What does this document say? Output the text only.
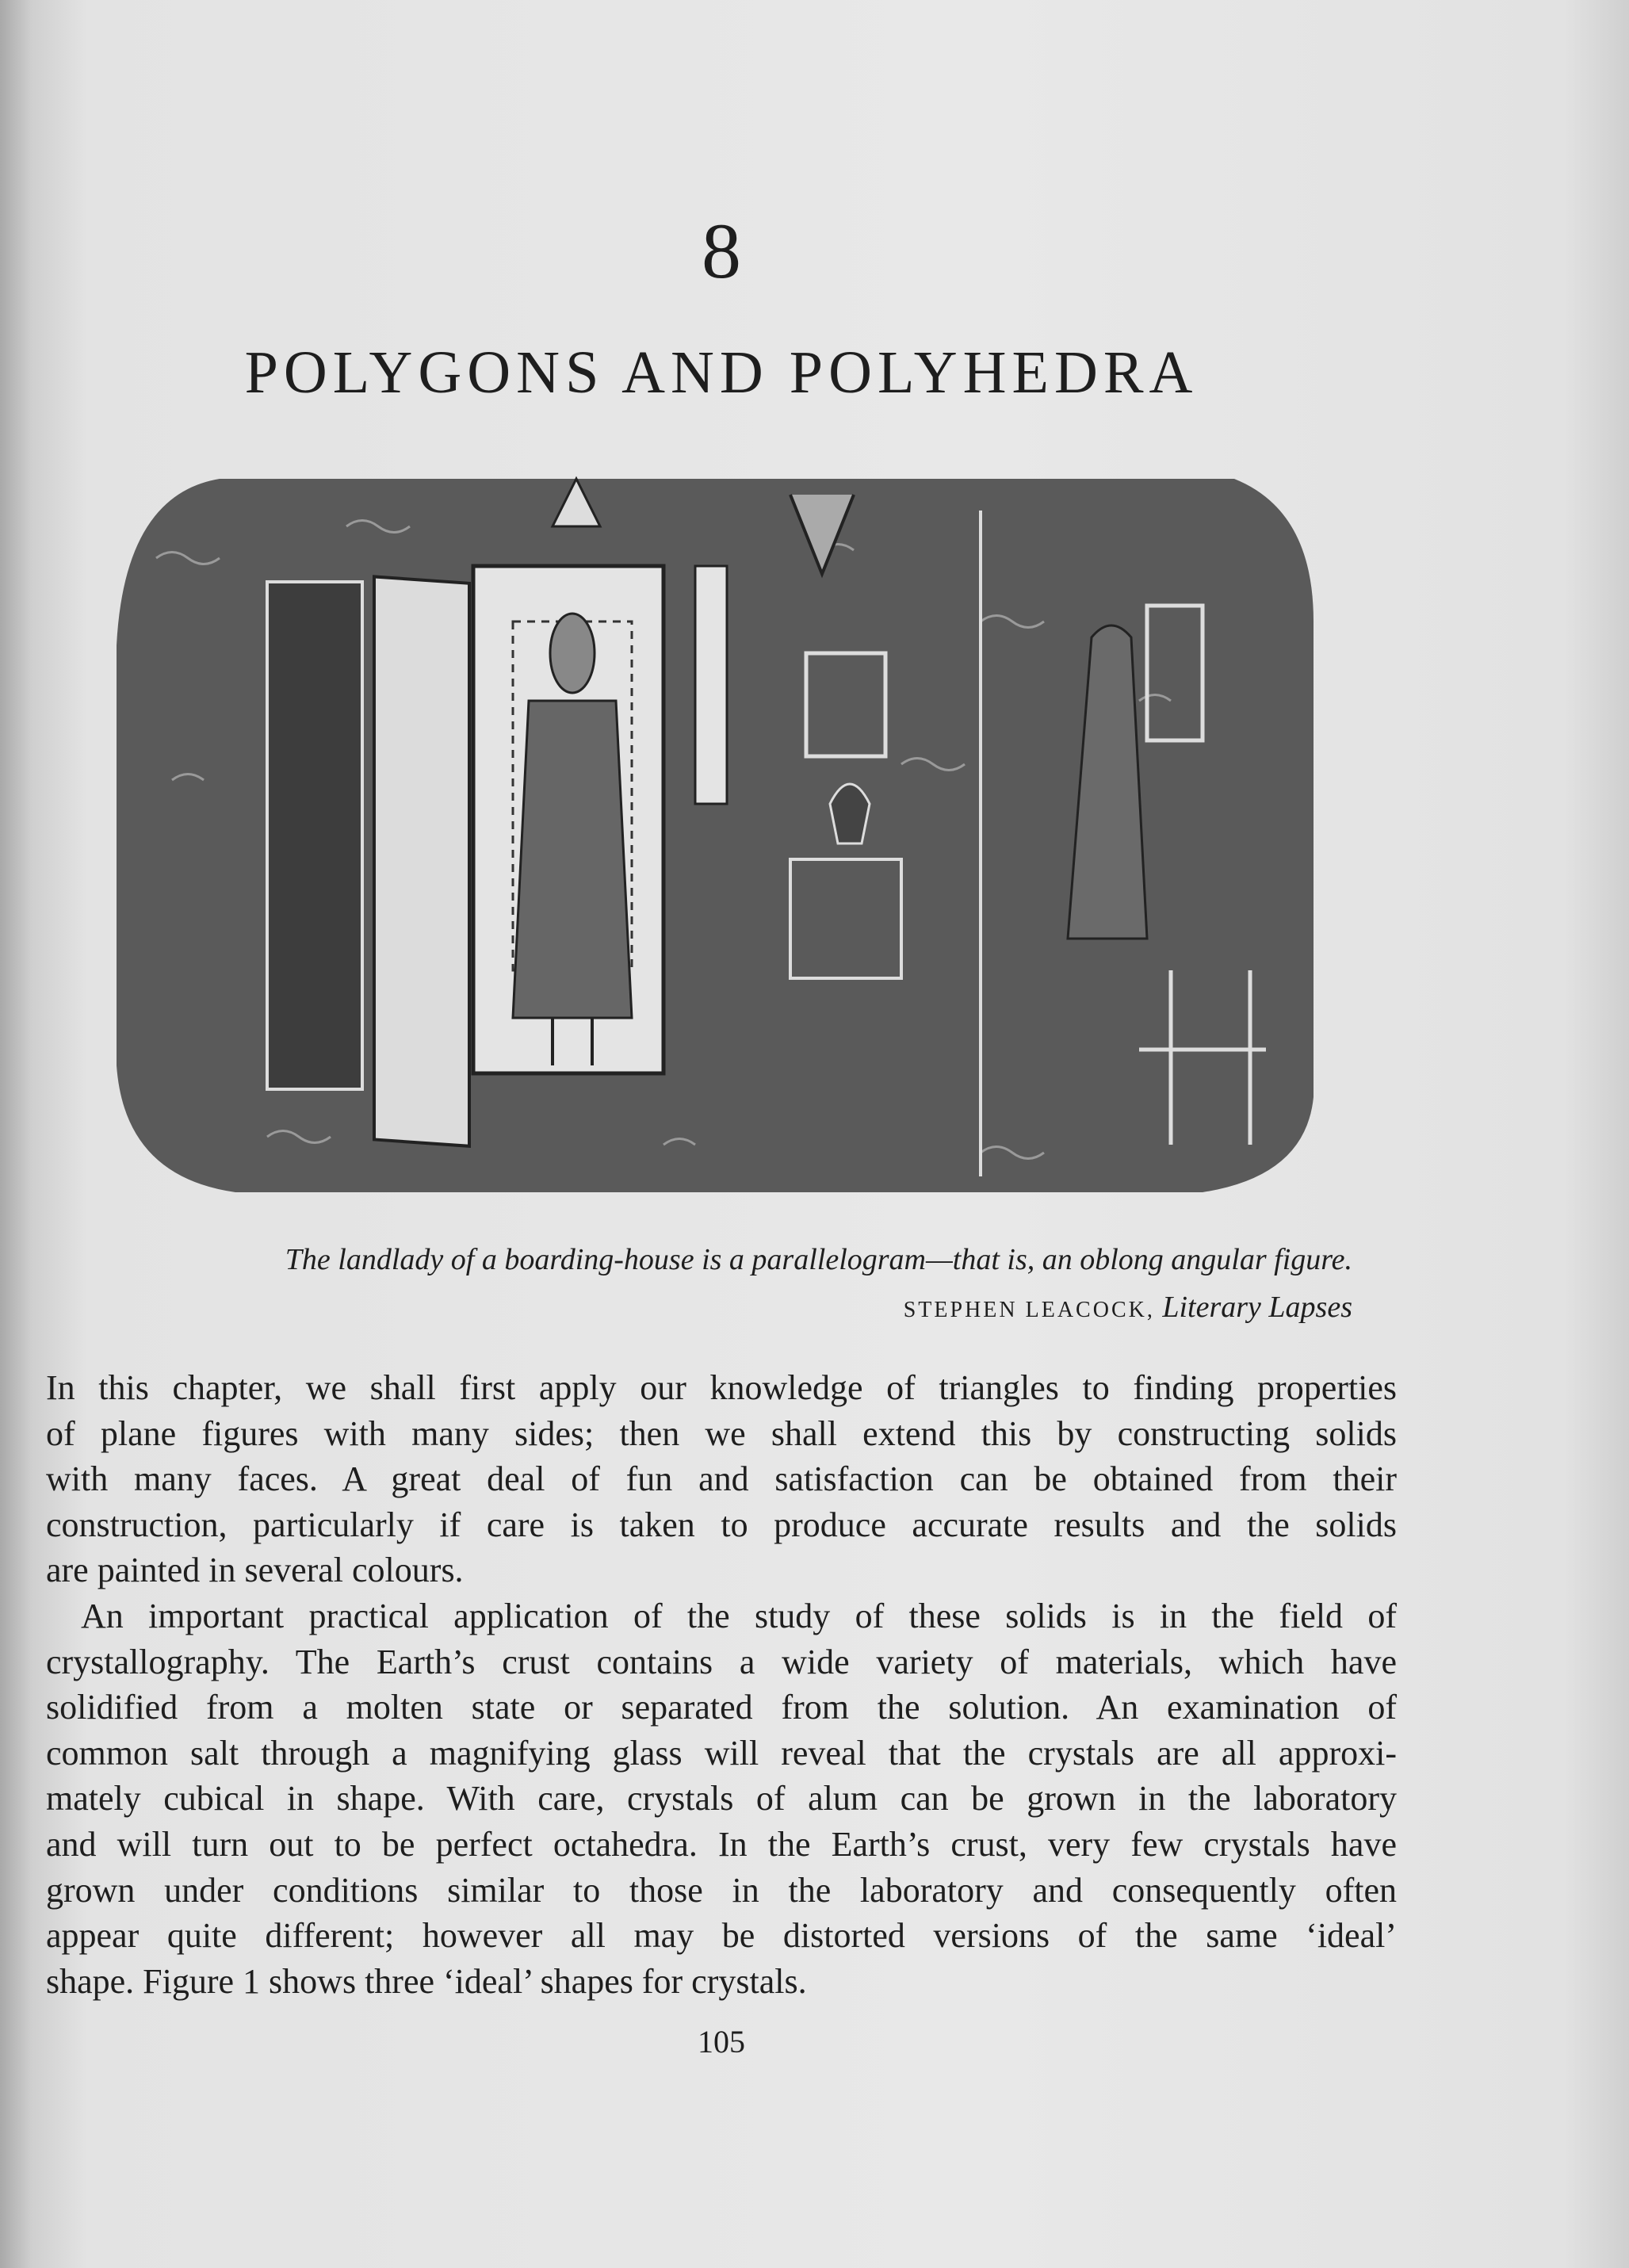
8
POLYGONS AND POLYHEDRA
The landlady of a boarding-house is a parallelogram—that is, an oblong angular figure.
STEPHEN LEACOCK, Literary Lapses
In this chapter, we shall first apply our knowledge of triangles to finding properties
of plane figures with many sides; then we shall extend this by constructing solids
with many faces. A great deal of fun and satisfaction can be obtained from their
construction, particularly if care is taken to produce accurate results and the solids
are painted in several colours.
An important practical application of the study of these solids is in the field of
crystallography. The Earth’s crust contains a wide variety of materials, which have
solidified from a molten state or separated from the solution. An examination of
common salt through a magnifying glass will reveal that the crystals are all approxi-
mately cubical in shape. With care, crystals of alum can be grown in the laboratory
and will turn out to be perfect octahedra. In the Earth’s crust, very few crystals have
grown under conditions similar to those in the laboratory and consequently often
appear quite different; however all may be distorted versions of the same ‘ideal’
shape. Figure 1 shows three ‘ideal’ shapes for crystals.
105
